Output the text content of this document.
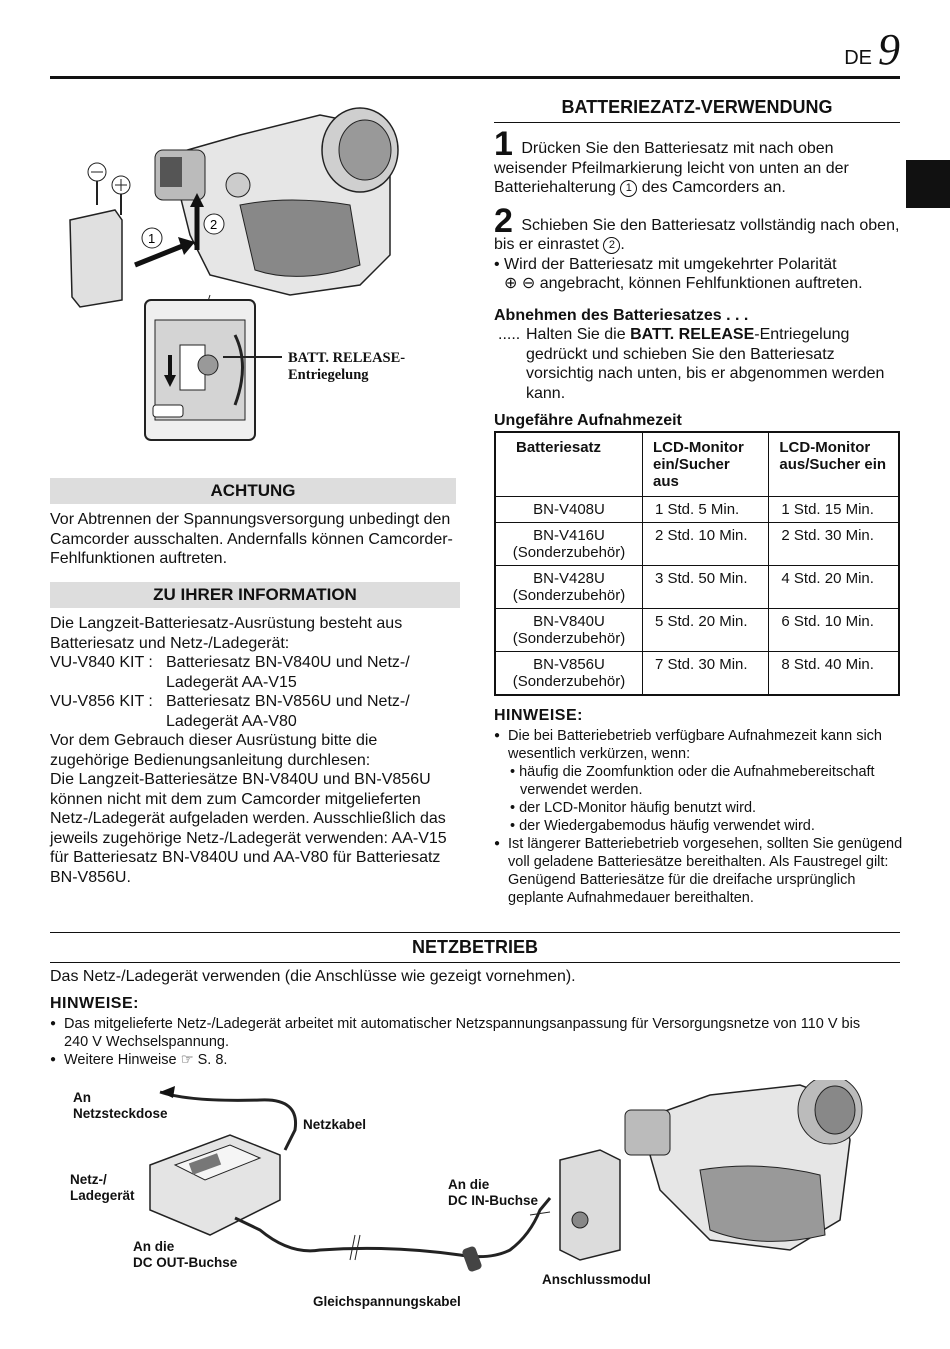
DE 9
1
2
BATT. RELEASE-
Entriegelung
BATTERIEZATZ-VERWENDUNG

1 Drücken Sie den Batteriesatz mit nach oben weisender Pfeilmarkierung leicht von unten an der Batteriehalterung 1 des Camcorders an.

2 Schieben Sie den Batteriesatz vollständig nach oben, bis er einrastet 2 .

• Wird der Batteriesatz mit umgekehrter Polarität
⊕ ⊖ angebracht, können Fehlfunktionen auftreten.

Abnehmen des Batteriesatzes . . .

..... Halten Sie die BATT. RELEASE-Entriegelung gedrückt und schieben Sie den Batteriesatz vorsichtig nach unten, bis er abgenommen werden kann.

Ungefähre Aufnahmezeit

Batteriesatz	LCD-Monitor ein/Sucher aus	LCD-Monitor aus/Sucher ein
BN-V408U	1 Std. 5 Min.	1 Std. 15 Min.

BN-V416U
(Sonderzubehör)	2 Std. 10 Min.	2 Std. 30 Min.

BN-V428U
(Sonderzubehör)	3 Std. 50 Min.	4 Std. 20 Min.

BN-V840U
(Sonderzubehör)	5 Std. 20 Min.	6 Std. 10 Min.

BN-V856U
(Sonderzubehör)	7 Std. 30 Min.	8 Std. 40 Min.
HINWEISE:
● Die bei Batteriebetrieb verfügbare Aufnahmezeit kann sich wesentlich verkürzen, wenn:
• häufig die Zoomfunktion oder die Aufnahmebereitschaft verwendet werden.
• der LCD-Monitor häufig benutzt wird.
• der Wiedergabemodus häufig verwendet wird.
● Ist längerer Batteriebetrieb vorgesehen, sollten Sie genügend voll geladene Batteriesätze bereithalten. Als Faustregel gilt: Genügend Batteriesätze für die dreifache ursprünglich geplante Aufnahmedauer bereithalten.
ACHTUNG

Vor Abtrennen der Spannungsversorgung unbedingt den Camcorder ausschalten. Andernfalls können Camcorder-Fehlfunktionen auftreten.

ZU IHRER INFORMATION

Die Langzeit-Batteriesatz-Ausrüstung besteht aus Batteriesatz und Netz-/Ladegerät:

VU-V840 KIT : Batteriesatz BN-V840U und Netz-/
Ladegerät AA-V15
VU-V856 KIT : Batteriesatz BN-V856U und Netz-/
Ladegerät AA-V80

Vor dem Gebrauch dieser Ausrüstung bitte die zugehörige Bedienungsanleitung durchlesen:

Die Langzeit-Batteriesätze BN-V840U und BN-V856U können nicht mit dem zum Camcorder mitgelieferten Netz-/Ladegerät aufgeladen werden. Ausschließlich das jeweils zugehörige Netz-/Ladegerät verwenden: AA-V15 für Batteriesatz BN-V840U und AA-V80 für Batteriesatz BN-V856U.

NETZBETRIEB

Das Netz-/Ladegerät verwenden (die Anschlüsse wie gezeigt vornehmen).

HINWEISE:
● Das mitgelieferte Netz-/Ladegerät arbeitet mit automatischer Netzspannungsanpassung für Versorgungsnetze von 110 V bis 240 V Wechselspannung.
● Weitere Hinweise ☞ S. 8.
An
Netzsteckdose
Netzkabel
Netz-/
Ladegerät
An die
DC IN-Buchse
An die
DC OUT-Buchse
Anschlussmodul
Gleichspannungskabel
